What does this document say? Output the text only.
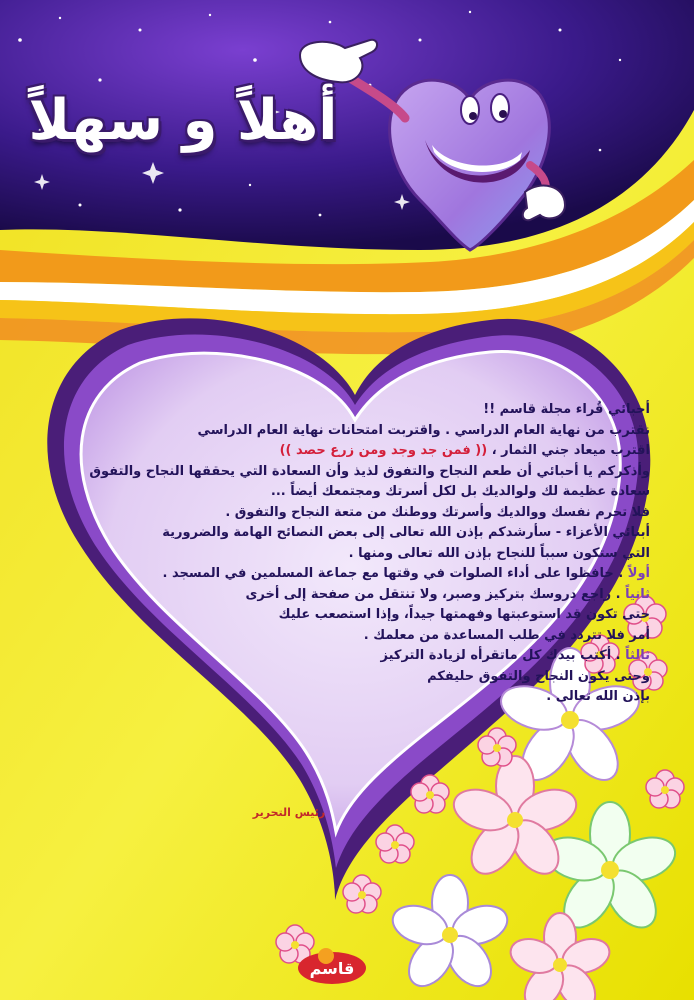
أهلاً و سهلاً

أحبائي قُراء مجلة قاسم !!

نقترب من نهاية العام الدراسي . واقتربت امتحانات نهاية العام الدراسي

اقترب ميعاد جني الثمار ، (( فمن جد وجد ومن زرع حصد ))

وأذكركم يا أحبائي أن طعم النجاح والتفوق لذيذ وأن السعادة التي يحققها النجاح والتفوق

سعادة عظيمة لك ولوالديك بل لكل أسرتك ومجتمعك أيضاً ...

فلا تحرم نفسك ووالديك وأسرتك ووطنك من متعة النجاح والتفوق .

أبنائي الأعزاء - سأرشدكم بإذن الله تعالى إلى بعض النصائح الهامة والضرورية

التي ستكون سبباً للنجاح بإذن الله تعالى ومنها .

أولاً . حافظوا على أداء الصلوات في وقتها مع جماعة المسلمين في المسجد .

ثانياً . راجع دروسك بتركيز وصبر، ولا تنتقل من صفحة إلى أخرى

حتى تكون قد استوعبتها وفهمتها جيداً، وإذا استصعب عليك

أمر فلا تتردد في طلب المساعدة من معلمك .

ثالثاً . أكتب بيدك كل ماتقرأه لزيادة التركيز

وحتى يكون النجاح والتفوق حليفكم

بإذن الله تعالى .

رئيس التحرير
قاسم
